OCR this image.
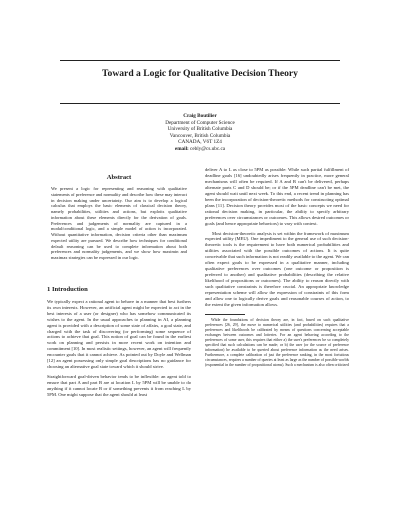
Toward a Logic for Qualitative Decision Theory
Craig Boutilier
Department of Computer Science
University of British Columbia
Vancouver, British Columbia
CANADA, V6T 1Z4
email: cebly@cs.ubc.ca
Abstract
We present a logic for representing and reasoning with qualitative statements of preference and normality and describe how these may interact in decision making under uncertainty. Our aim is to develop a logical calculus that employs the basic elements of classical decision theory, namely probabilities, utilities and actions, but exploits qualitative information about these elements directly for the derivation of goals. Preferences and judgements of normality are captured in a modal/conditional logic, and a simple model of action is incorporated. Without quantitative information, decision criteria other than maximum expected utility are pursued. We describe how techniques for conditional default reasoning can be used to complete information about both preferences and normality judgements, and we show how maximin and maximax strategies can be expressed in our logic.
1 Introduction

We typically expect a rational agent to behave in a manner that best furthers its own interests. However, an artificial agent might be expected to act in the best interests of a user (or designer) who has somehow communicated its wishes to the agent. In the usual approaches to planning in AI, a planning agent is provided with a description of some state of affairs, a goal state, and charged with the task of discovering (or performing) some sequence of actions to achieve that goal. This notion of goal can be found in the earliest work on planning and persists in more recent work on intention and commitment [10]. In most realistic settings, however, an agent will frequently encounter goals that it cannot achieve. As pointed out by Doyle and Wellman [12] an agent possessing only simple goal descriptions has no guidance for choosing an alternative goal state toward which it should strive.

Straightforward goal-driven behavior tends to be inflexible: an agent told to ensure that part A and part B are at location L by 5PM will be unable to do anything if it cannot locate B or if something prevents it from reaching L by 5PM. One might suppose that the agent should at least

deliver A to L as close to 5PM as possible: While such partial fulfillment of deadline goals [16] undoubtedly arises frequently in practice, more general mechanisms will often be required. If A and B can't be delivered, perhaps alternate parts C and D should be; or if the 5PM deadline can't be met, the agent should wait until next week. To this end, a recent trend in planning has been the incorporation of decision-theoretic methods for constructing optimal plans [11]. Decision theory provides most of the basic concepts we need for rational decision making, in particular, the ability to specify arbitrary preferences over circumstances or outcomes. This allows desired outcomes or goals (and hence appropriate behaviors) to vary with context.

Most decision-theoretic analysis is set within the framework of maximum expected utility (MEU). One impediment to the general use of such decision-theoretic tools is the requirement to have both numerical probabilities and utilities associated with the possible outcomes of actions. It is quite conceivable that such information is not readily available to the agent. We can often expect goals to be expressed in a qualitative manner, including qualitative preferences over outcomes (one outcome or proposition is preferred to another) and qualitative probabilities (describing the relative likelihood of propositions or outcomes). The ability to reason directly with such qualitative constraints is therefore crucial. An appropriate knowledge representation scheme will allow the expression of constraints of this form and allow one to logically derive goals and reasonable courses of action, to the extent the given information allows.

While the foundations of decision theory are, in fact, based on such qualitative preferences [26, 29], the move to numerical utilities (and probabilities) requires that a preferences and likelihoods be calibrated by means of questions concerning acceptable exchanges between outcomes and lotteries. For an agent behaving according to the preferences of some user, this requires that either a) the user's preferences be so completely specified that such calculations can be made; or b) the user (or the source of preference information) be available to be queried about preference information as the need arises. Furthermore, a complete calibration of just the preference ranking, in the most fortuitous circumstances, requires a number of queries at least as large as the number of possible worlds (exponential in the number of propositional atoms). Such a mechanism is also often criticized
